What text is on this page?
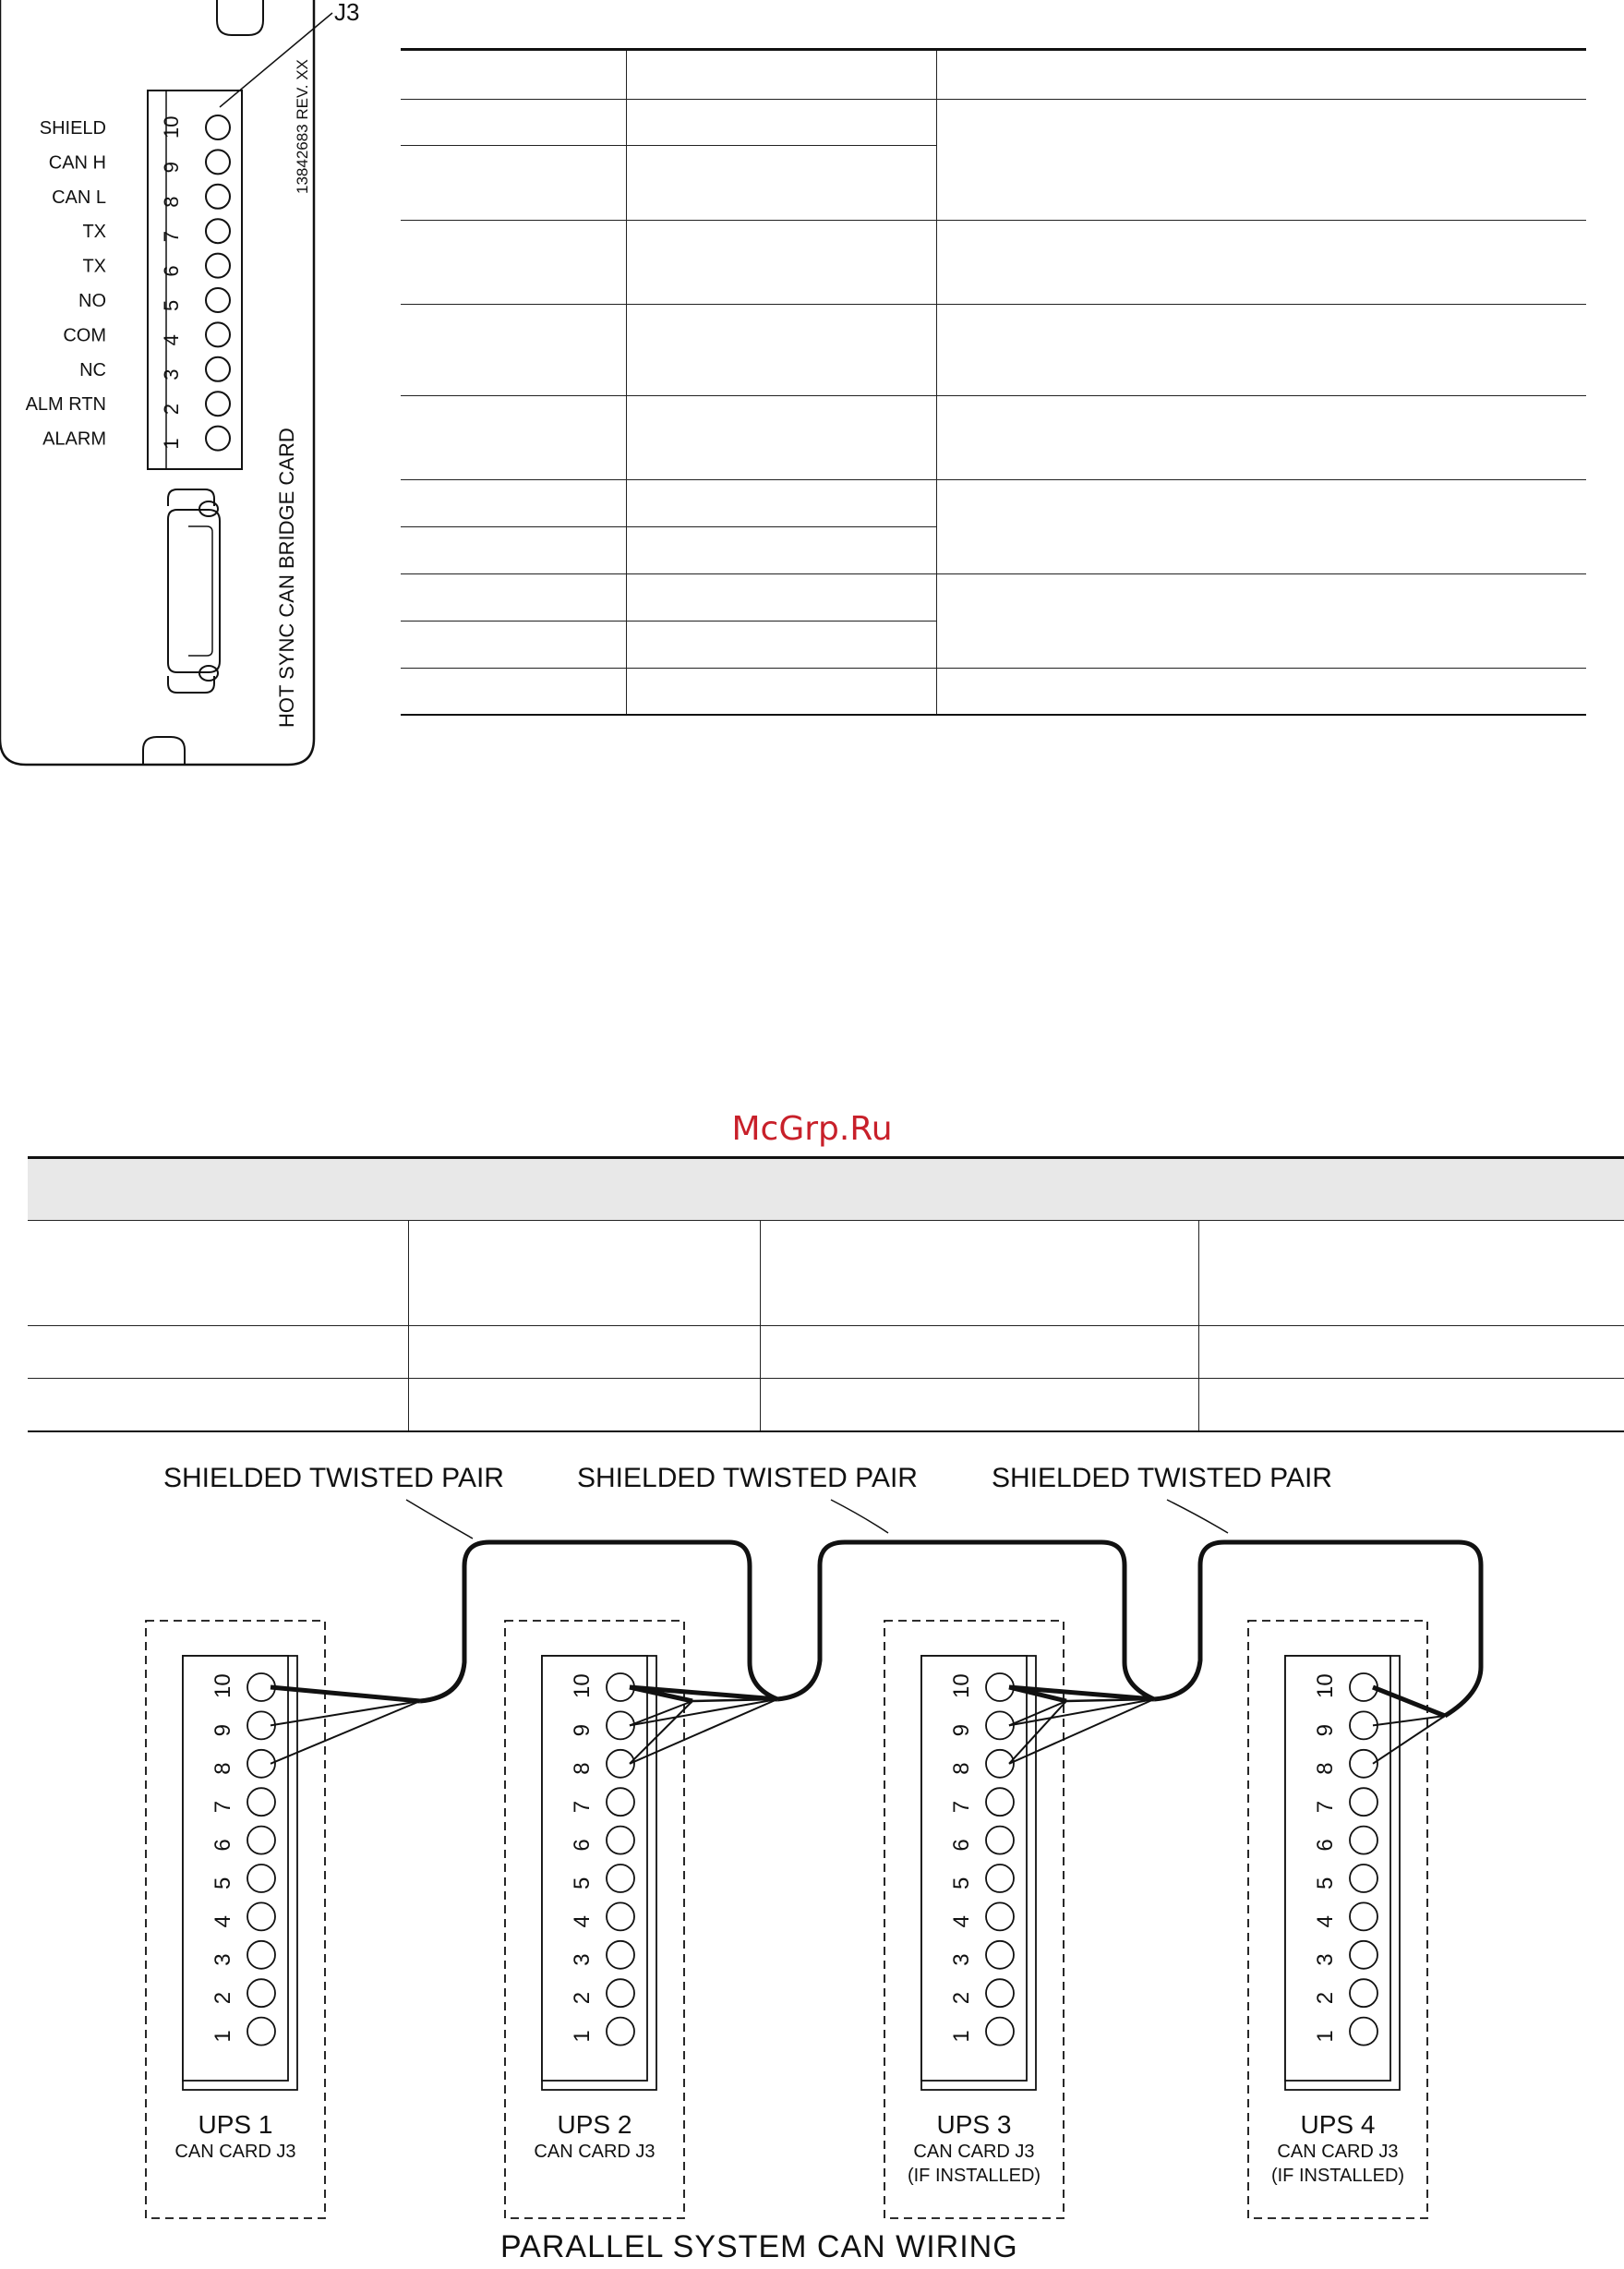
J3
10
SHIELD
9
CAN H
8
CAN L
7
TX
6
TX
5
NO
4
COM
3
NC
2
ALM RTN
1
ALARM	HOT SYNC CAN BRIDGE CARD
13842683 REV. XX

McGrp.Ru

SHIELDED TWISTED PAIR	SHIELDED TWISTED PAIR	SHIELDED TWISTED PAIR
10
9
8
7
6
5
4
3
2
1
UPS 1
CAN CARD J3
10
9
8
7
6
5
4
3
2
1
UPS 2
CAN CARD J3
10
9
8
7
6
5
4
3
2
1
UPS 3
CAN CARD J3
(IF INSTALLED)
10
9
8
7
6
5
4
3
2
1
UPS 4
CAN CARD J3
(IF INSTALLED)
PARALLEL SYSTEM CAN WIRING
